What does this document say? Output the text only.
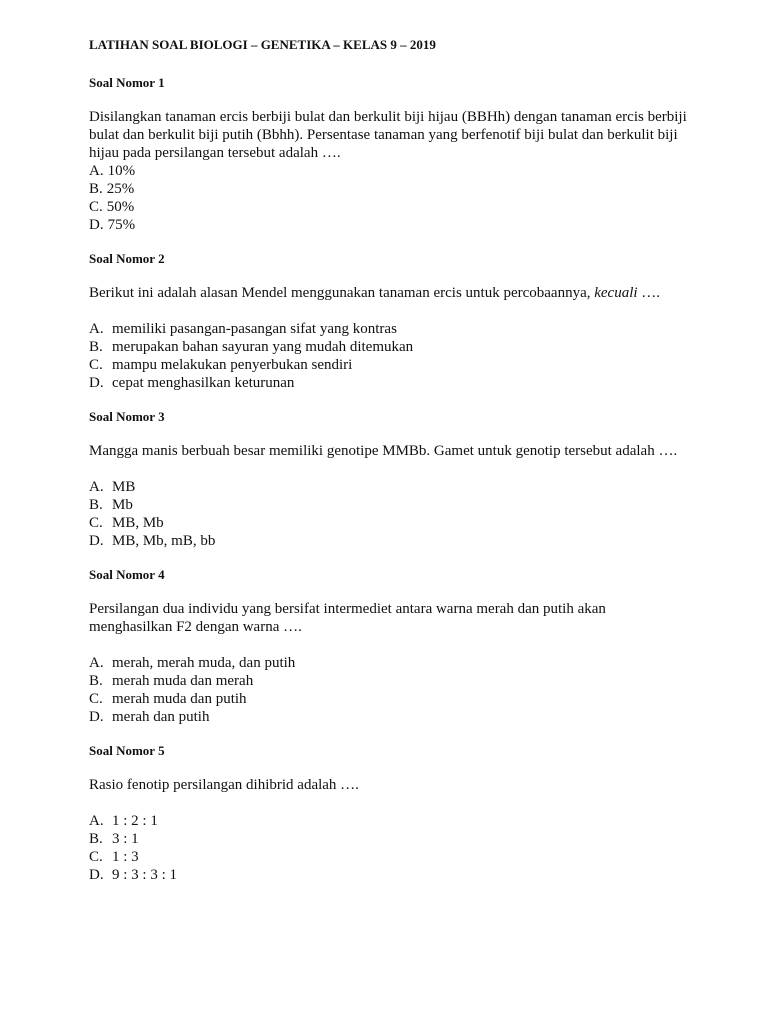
LATIHAN SOAL BIOLOGI – GENETIKA – KELAS 9 – 2019

Soal Nomor 1

Disilangkan tanaman ercis berbiji bulat dan berkulit biji hijau (BBHh) dengan tanaman ercis berbiji bulat dan berkulit biji putih (Bbhh). Persentase tanaman yang berfenotif biji bulat dan berkulit biji hijau pada persilangan tersebut adalah ….

A. 10%
B. 25%
C. 50%
D. 75%

Soal Nomor 2

Berikut ini adalah alasan Mendel menggunakan tanaman ercis untuk percobaannya, kecuali ….

A. memiliki pasangan-pasangan sifat yang kontras
B. merupakan bahan sayuran yang mudah ditemukan
C. mampu melakukan penyerbukan sendiri
D. cepat menghasilkan keturunan

Soal Nomor 3

Mangga manis berbuah besar memiliki genotipe MMBb. Gamet untuk genotip tersebut adalah ….

A. MB
B. Mb
C. MB, Mb
D. MB, Mb, mB, bb

Soal Nomor 4

Persilangan dua individu yang bersifat intermediet antara warna merah dan putih akan menghasilkan F2 dengan warna ….

A. merah, merah muda, dan putih
B. merah muda dan merah
C. merah muda dan putih
D. merah dan putih

Soal Nomor 5

Rasio fenotip persilangan dihibrid adalah ….

A. 1 : 2 : 1
B. 3 : 1
C. 1 : 3
D. 9 : 3 : 3 : 1
